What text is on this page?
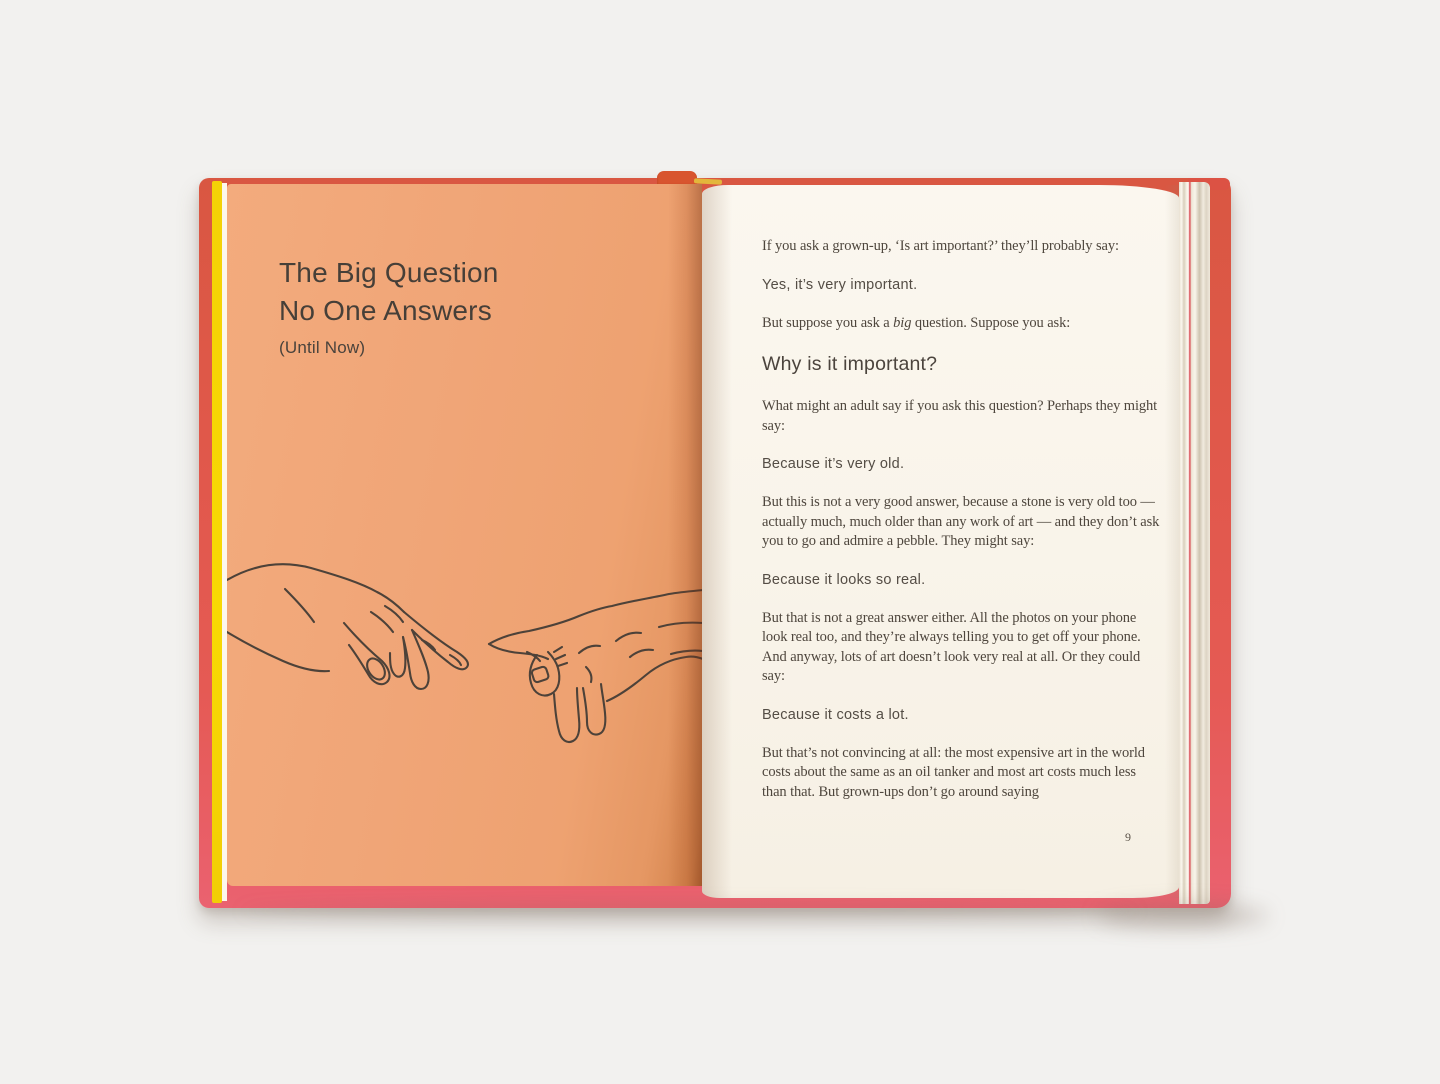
The Big Question
No One Answers
(Until Now)
If you ask a grown-up, ‘Is art important?’ they’ll probably say:
Yes, it’s very important.
But suppose you ask a big question. Suppose you ask:
Why is it important?
What might an adult say if you ask this question? Perhaps they might say:
Because it’s very old.
But this is not a very good answer, because a stone is very old too — actually much, much older than any work of art — and they don’t ask you to go and admire a pebble. They might say:
Because it looks so real.
But that is not a great answer either. All the photos on your phone look real too, and they’re always telling you to get off your phone. And anyway, lots of art doesn’t look very real at all. Or they could say:
Because it costs a lot.
But that’s not convincing at all: the most expensive art in the world costs about the same as an oil tanker and most art costs much less than that. But grown-ups don’t go around saying
9
